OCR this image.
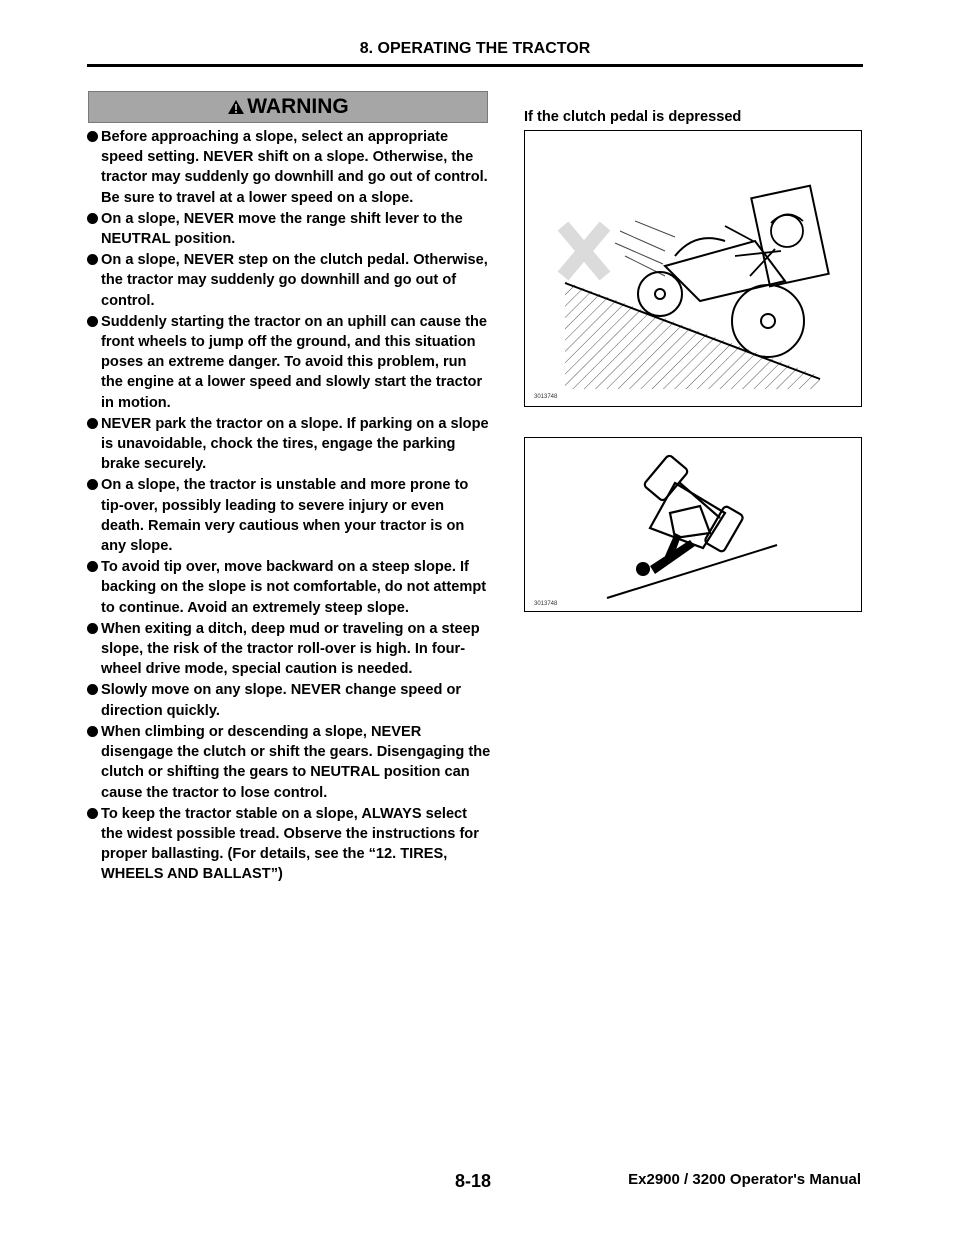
8. OPERATING THE TRACTOR
WARNING
Before approaching a slope, select an appropriate speed setting. NEVER shift on a slope. Otherwise, the tractor may suddenly go downhill and go out of control. Be sure to travel at a lower speed on a slope.
On a slope, NEVER move the range shift lever to the NEUTRAL position.
On a slope, NEVER step on the clutch pedal. Otherwise, the tractor may suddenly go downhill and go out of control.
Suddenly starting the tractor on an uphill can cause the front wheels to jump off the ground, and this situation poses an extreme danger. To avoid this problem, run the engine at a lower speed and slowly start the tractor in motion.
NEVER park the tractor on a slope. If parking on a slope is unavoidable, chock the tires, engage the parking brake securely.
On a slope, the tractor is unstable and more prone to tip-over, possibly leading to severe injury or even death. Remain very cautious when your tractor is on any slope.
To avoid tip over, move backward on a steep slope. If backing on the slope is not comfortable, do not attempt to continue. Avoid an extremely steep slope.
When exiting a ditch, deep mud or traveling on a steep slope, the risk of the tractor roll-over is high. In four-wheel drive mode, special caution is needed.
Slowly move on any slope. NEVER change speed or direction quickly.
When climbing or descending a slope, NEVER disengage the clutch or shift the gears. Disengaging the clutch or shifting the gears to NEUTRAL position can cause the tractor to lose control.
To keep the tractor stable on a slope, ALWAYS select the widest possible tread. Observe the instructions for proper ballasting. (For details, see the “12. TIRES, WHEELS AND BALLAST”)
If the clutch pedal is depressed
3013748
3013748
8-18	Ex2900 / 3200 Operator's Manual
